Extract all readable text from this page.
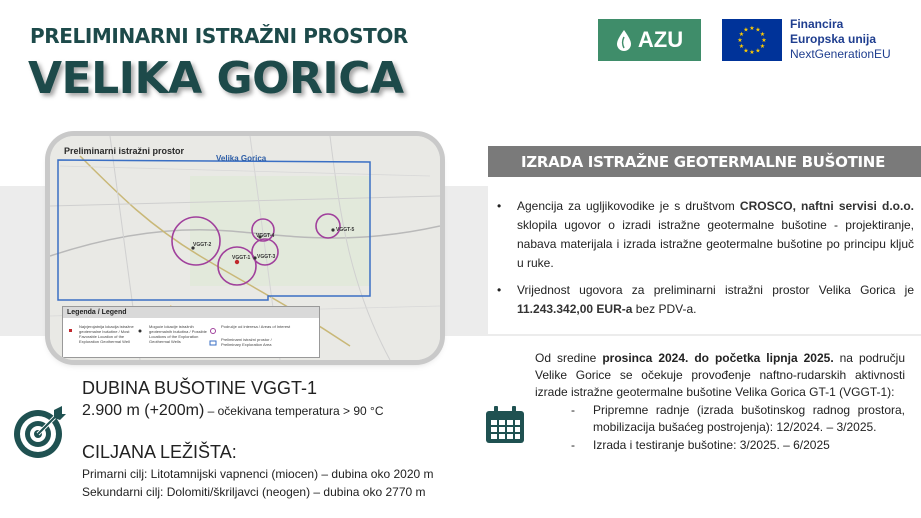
PRELIMINARNI ISTRAŽNI PROSTOR
VELIKA GORICA
AZU	★ ★
★
★
★
★
★
★
★
★
★
★	Financira
Europska unija
NextGenerationEU
Preliminarni istražni prostor
Velika Gorica
VGGT-2
VGGT-1 VGGT-3
VGGT-4
VGGT-5
Legenda / Legend
Najvjerojatnija lokacija istražne geotermalne bušotine / Most Favorable Location of the Exploration Geothermal Well
Moguće lokacije istražnih geotermalnih bušotina / Possible Locations of the Exploration Geothermal Wells
Područje od interesa / Areas of Interest
Preliminarni istražni prostor / Preliminary Exploration Area
IZRADA ISTRAŽNE GEOTERMALNE BUŠOTINE
• Agencija za ugljikovodike je s društvom CROSCO, naftni servisi d.o.o. sklopila ugovor o izradi istražne geotermalne bušotine - projektiranje, nabava materijala i izrada istražne geotermalne bušotine po principu ključ u ruke.
• Vrijednost ugovora za preliminarni istražni prostor Velika Gorica je 11.243.342,00 EUR-a bez PDV-a.
Od sredine prosinca 2024. do početka lipnja 2025. na području Velike Gorice se očekuje provođenje naftno-rudarskih aktivnosti izrade istražne geotermalne bušotine Velika Gorica GT-1 (VGGT-1):
- Pripremne radnje (izrada bušotinskog radnog prostora, mobilizacija bušaćeg postrojenja): 12/2024. – 3/2025.
- Izrada i testiranje bušotine: 3/2025. – 6/2025
DUBINA BUŠOTINE VGGT-1
2.900 m (+200m) – očekivana temperatura > 90 °C
CILJANA LEŽIŠTA:
Primarni cilj: Litotamnijski vapnenci (miocen) – dubina oko 2020 m
Sekundarni cilj: Dolomiti/škriljavci (neogen) – dubina oko 2770 m
